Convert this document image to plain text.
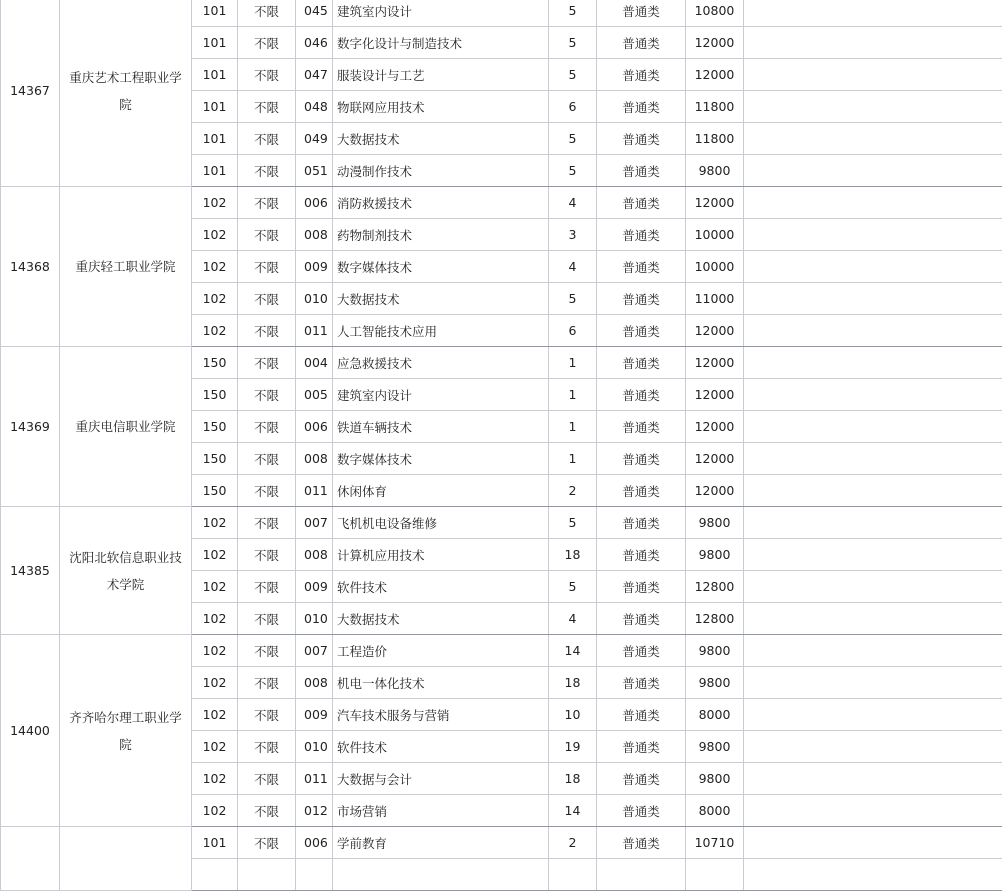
14367	重庆艺术工程职业学院	101	不限	045	建筑室内设计	5	普通类	10800	
		101	不限	046	数字化设计与制造技术	5	普通类	12000	
		101	不限	047	服装设计与工艺	5	普通类	12000	
		101	不限	048	物联网应用技术	6	普通类	11800	
		101	不限	049	大数据技术	5	普通类	11800	
		101	不限	051	动漫制作技术	5	普通类	9800	
14368	重庆轻工职业学院	102	不限	006	消防救援技术	4	普通类	12000	
		102	不限	008	药物制剂技术	3	普通类	10000	
		102	不限	009	数字媒体技术	4	普通类	10000	
		102	不限	010	大数据技术	5	普通类	11000	
		102	不限	011	人工智能技术应用	6	普通类	12000	
14369	重庆电信职业学院	150	不限	004	应急救援技术	1	普通类	12000	
		150	不限	005	建筑室内设计	1	普通类	12000	
		150	不限	006	铁道车辆技术	1	普通类	12000	
		150	不限	008	数字媒体技术	1	普通类	12000	
		150	不限	011	休闲体育	2	普通类	12000	
14385	沈阳北软信息职业技术学院	102	不限	007	飞机机电设备维修	5	普通类	9800	
		102	不限	008	计算机应用技术	18	普通类	9800	
		102	不限	009	软件技术	5	普通类	12800	
		102	不限	010	大数据技术	4	普通类	12800	
14400	齐齐哈尔理工职业学院	102	不限	007	工程造价	14	普通类	9800	
		102	不限	008	机电一体化技术	18	普通类	9800	
		102	不限	009	汽车技术服务与营销	10	普通类	8000	
		102	不限	010	软件技术	19	普通类	9800	
		102	不限	011	大数据与会计	18	普通类	9800	
		102	不限	012	市场营销	14	普通类	8000	
		101	不限	006	学前教育	2	普通类	10710	
